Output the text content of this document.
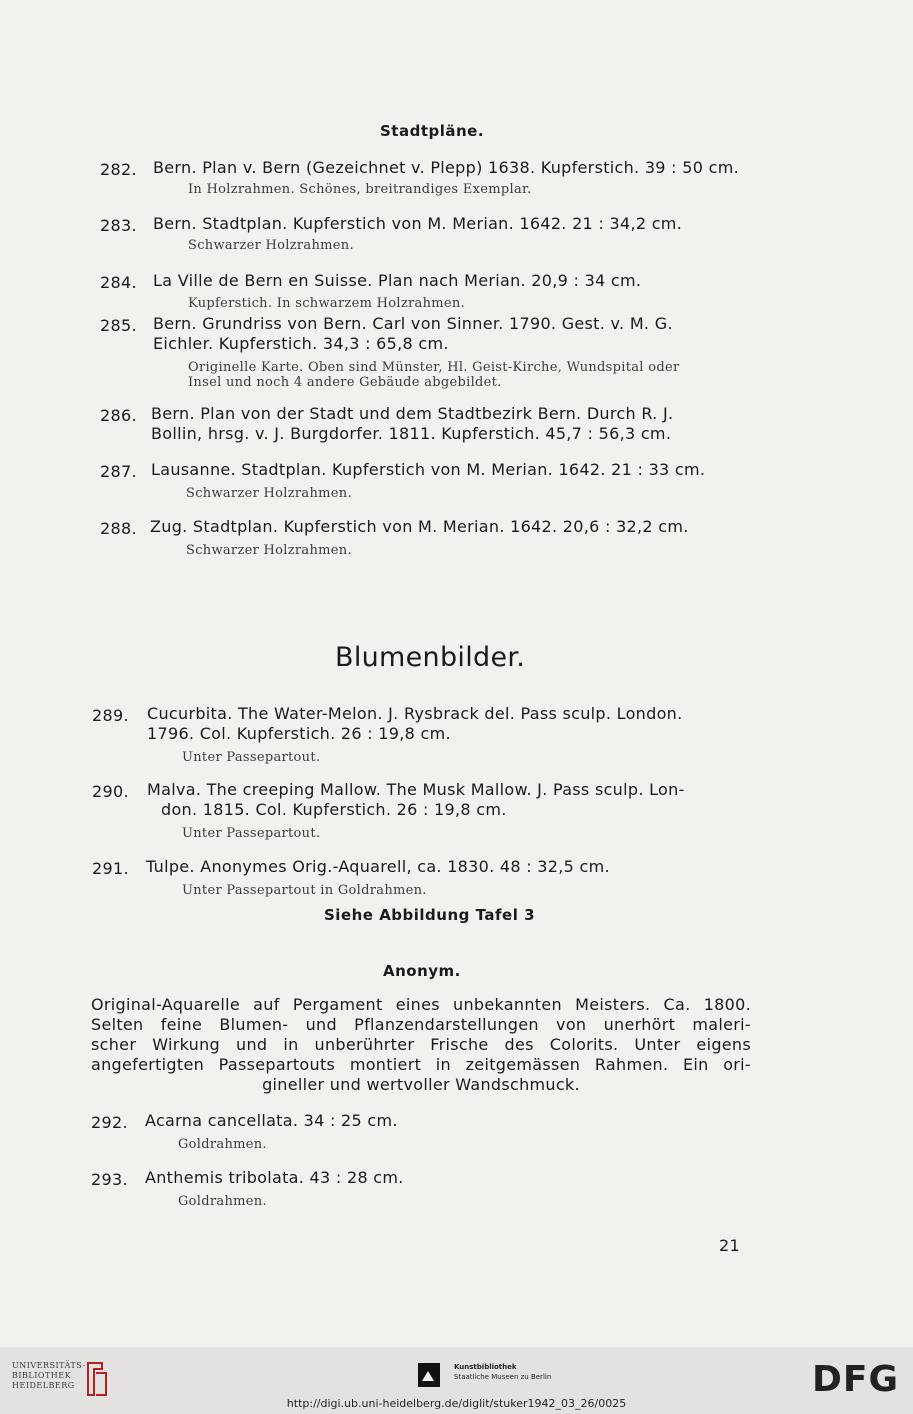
Stadtpläne.
282. Bern. Plan v. Bern (Gezeichnet v. Plepp) 1638. Kupferstich. 39 : 50 cm.
In Holzrahmen. Schönes, breitrandiges Exemplar.
283. Bern. Stadtplan. Kupferstich von M. Merian. 1642. 21 : 34,2 cm.
Schwarzer Holzrahmen.
284. La Ville de Bern en Suisse. Plan nach Merian. 20,9 : 34 cm.
Kupferstich. In schwarzem Holzrahmen.
285. Bern. Grundriss von Bern. Carl von Sinner. 1790. Gest. v. M. G.
Eichler. Kupferstich. 34,3 : 65,8 cm.
Originelle Karte. Oben sind Münster, Hl. Geist-Kirche, Wundspital oder
Insel und noch 4 andere Gebäude abgebildet.
286. Bern. Plan von der Stadt und dem Stadtbezirk Bern. Durch R. J.
Bollin, hrsg. v. J. Burgdorfer. 1811. Kupferstich. 45,7 : 56,3 cm.
287. Lausanne. Stadtplan. Kupferstich von M. Merian. 1642. 21 : 33 cm.
Schwarzer Holzrahmen.
288. Zug. Stadtplan. Kupferstich von M. Merian. 1642. 20,6 : 32,2 cm.
Schwarzer Holzrahmen.
Blumenbilder.
289. Cucurbita. The Water-Melon. J. Rysbrack del. Pass sculp. London.
1796. Col. Kupferstich. 26 : 19,8 cm.
Unter Passepartout.
290. Malva. The creeping Mallow. The Musk Mallow. J. Pass sculp. Lon-
don. 1815. Col. Kupferstich. 26 : 19,8 cm.
Unter Passepartout.
291. Tulpe. Anonymes Orig.-Aquarell, ca. 1830. 48 : 32,5 cm.
Unter Passepartout in Goldrahmen.
Siehe Abbildung Tafel 3
Anonym.
Original-Aquarelle auf Pergament eines unbekannten Meisters. Ca. 1800.
Selten feine Blumen- und Pflanzendarstellungen von unerhört maleri-
scher Wirkung und in unberührter Frische des Colorits. Unter eigens
angefertigten Passepartouts montiert in zeitgemässen Rahmen. Ein ori-
gineller und wertvoller Wandschmuck.
292. Acarna cancellata. 34 : 25 cm.
Goldrahmen.
293. Anthemis tribolata. 43 : 28 cm.
Goldrahmen.
21
UNIVERSITÄTS-
BIBLIOTHEK
HEIDELBERG
Kunstbibliothek
Staatliche Museen zu Berlin	DFG
http://digi.ub.uni-heidelberg.de/diglit/stuker1942_03_26/0025
